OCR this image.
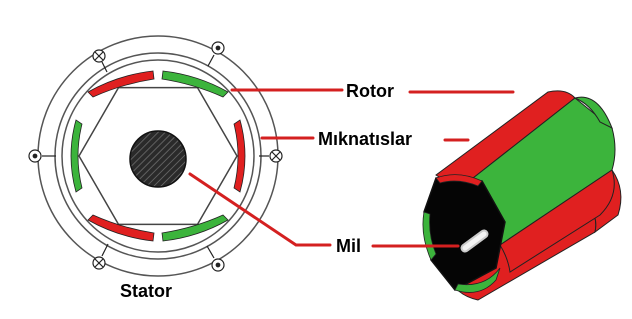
Rotor
Mıknatıslar
Mil
Stator
